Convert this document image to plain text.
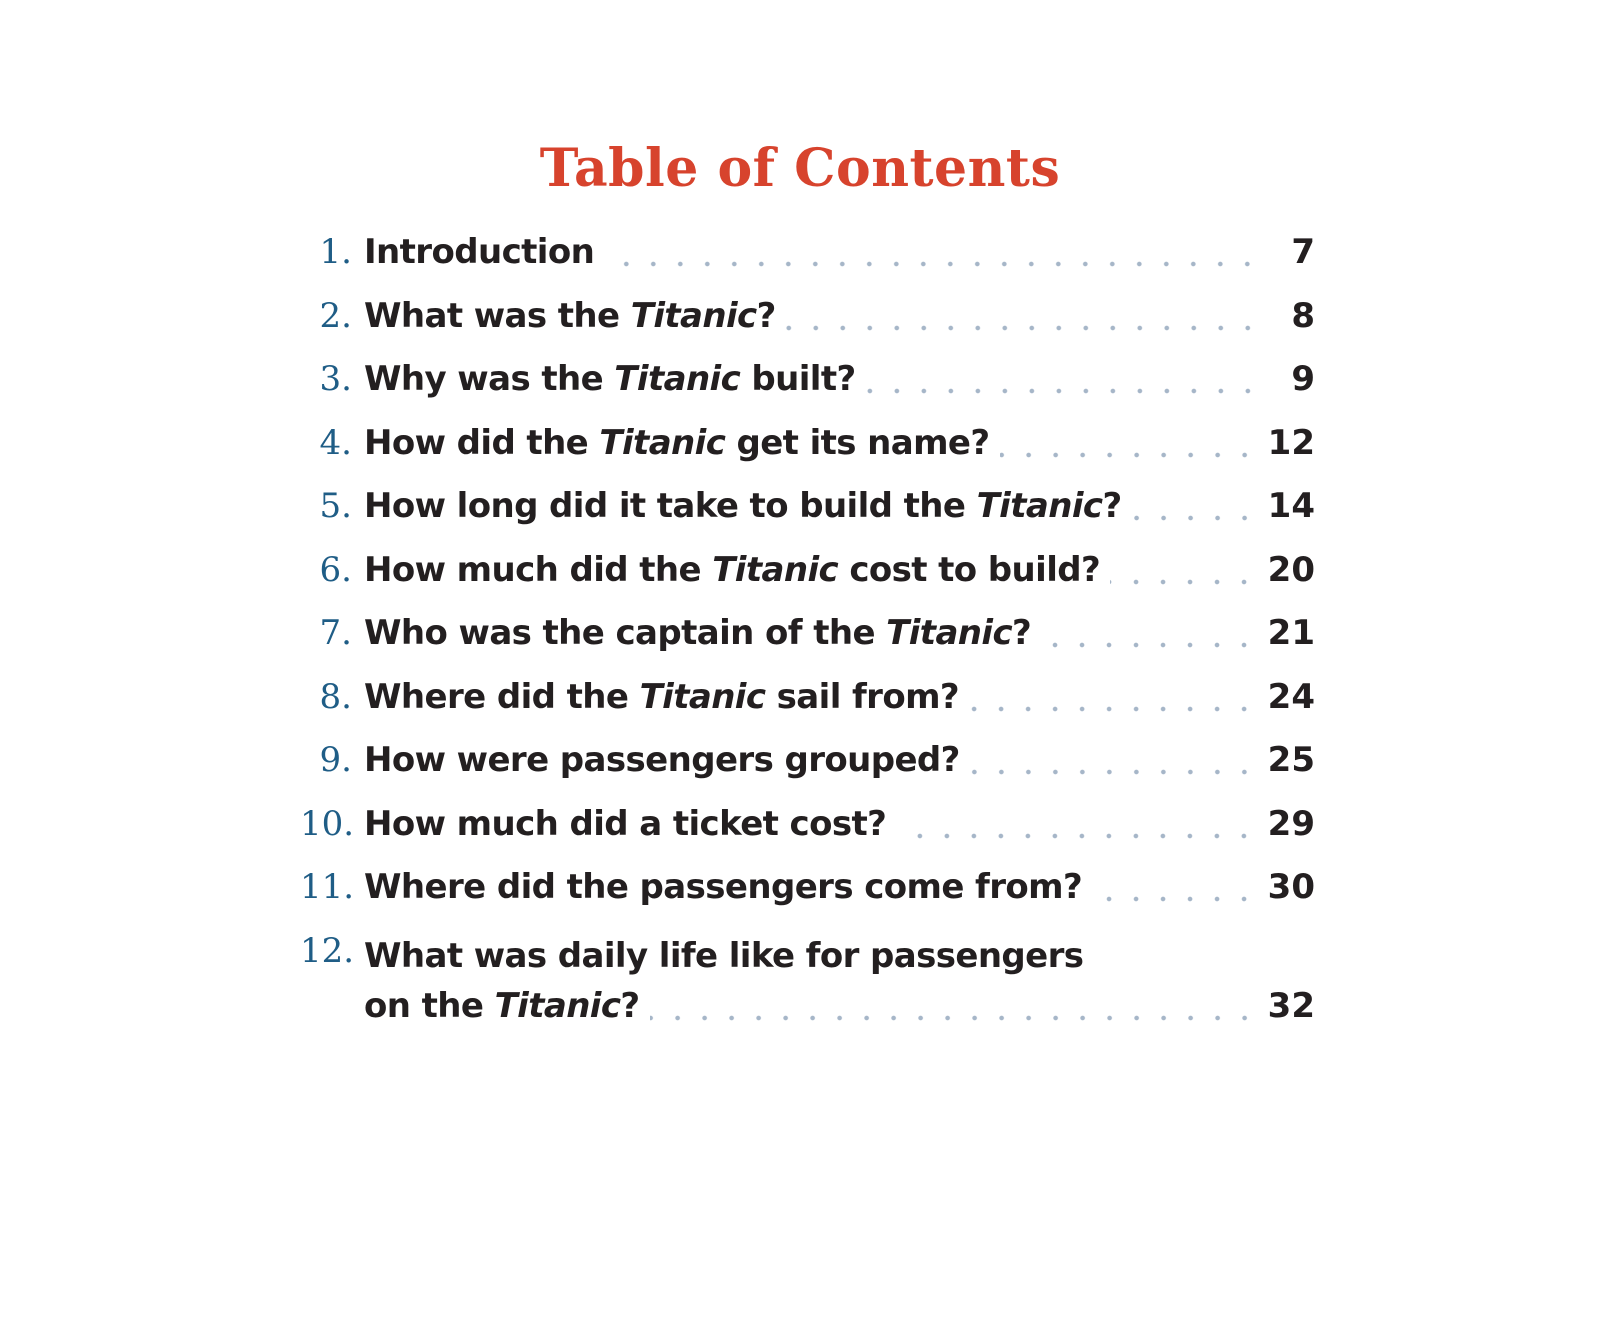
Table of Contents
1. Introduction	7
2. What was the Titanic?	8
3. Why was the Titanic built?	9
4. How did the Titanic get its name?	12
5. How long did it take to build the Titanic?	14
6. How much did the Titanic cost to build?	20
7. Who was the captain of the Titanic?	21
8. Where did the Titanic sail from?	24
9. How were passengers grouped?	25
10. How much did a ticket cost?	29
11. Where did the passengers come from?	30
12. What was daily life like for passengers
on the Titanic?	32
